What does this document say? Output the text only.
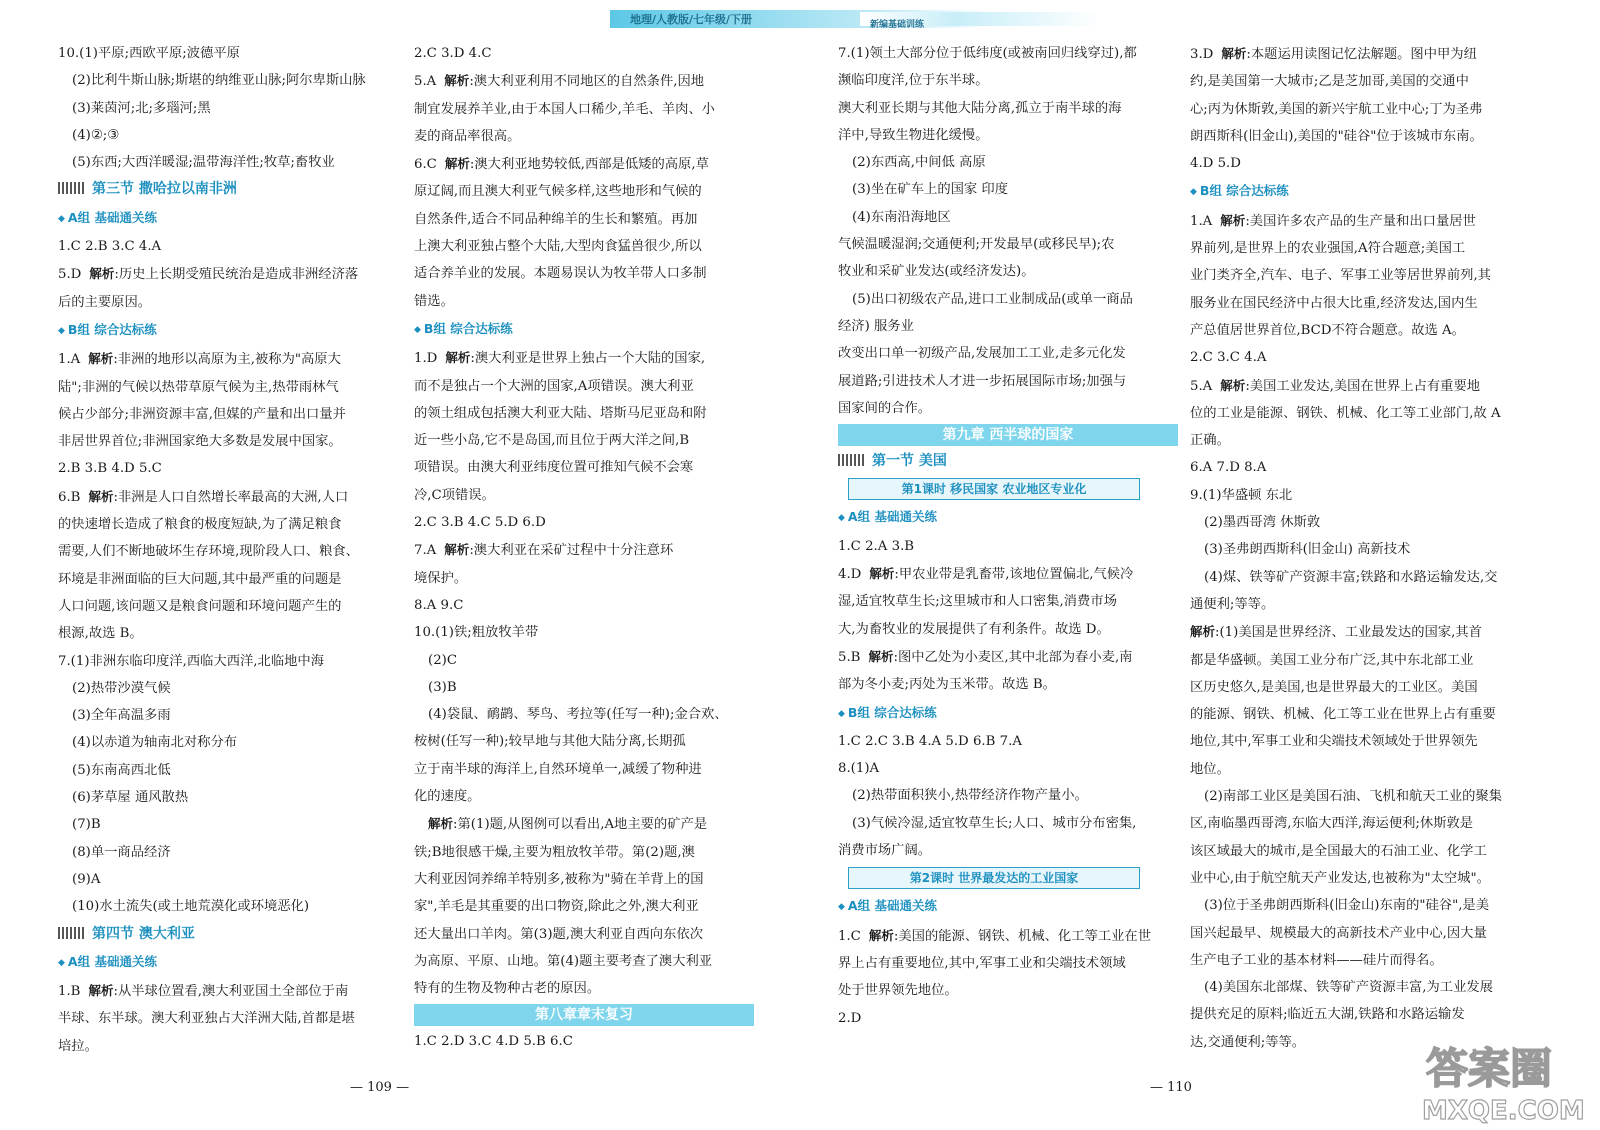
地理/人教版/七年级/下册	新编基础训练
10.(1)平原;西欧平原;波德平原
(2)比利牛斯山脉;斯堪的纳维亚山脉;阿尔卑斯山脉
(3)莱茵河;北;多瑙河;黑
(4)②;③
(5)东西;大西洋暖湿;温带海洋性;牧草;畜牧业
第三节 撒哈拉以南非洲
◆ A组 基础通关练
1.C 2.B 3.C 4.A
5.D 解析:历史上长期受殖民统治是造成非洲经济落
后的主要原因。
◆ B组 综合达标练
1.A 解析:非洲的地形以高原为主,被称为"高原大
陆";非洲的气候以热带草原气候为主,热带雨林气
候占少部分;非洲资源丰富,但媒的产量和出口量并
非居世界首位;非洲国家绝大多数是发展中国家。
2.B 3.B 4.D 5.C
6.B 解析:非洲是人口自然增长率最高的大洲,人口
的快速增长造成了粮食的极度短缺,为了满足粮食
需要,人们不断地破坏生存环境,现阶段人口、粮食、
环境是非洲面临的巨大问题,其中最严重的问题是
人口问题,该问题又是粮食问题和环境问题产生的
根源,故选 B。
7.(1)非洲东临印度洋,西临大西洋,北临地中海
(2)热带沙漠气候
(3)全年高温多雨
(4)以赤道为轴南北对称分布
(5)东南高西北低
(6)茅草屋 通风散热
(7)B
(8)单一商品经济
(9)A
(10)水土流失(或土地荒漠化或环境恶化)
第四节 澳大利亚
◆ A组 基础通关练
1.B 解析:从半球位置看,澳大利亚国土全部位于南
半球、东半球。澳大利亚独占大洋洲大陆,首都是堪
培拉。
2.C 3.D 4.C
5.A 解析:澳大利亚利用不同地区的自然条件,因地
制宜发展养羊业,由于本国人口稀少,羊毛、羊肉、小
麦的商品率很高。
6.C 解析:澳大利亚地势较低,西部是低矮的高原,草
原辽阔,而且澳大利亚气候多样,这些地形和气候的
自然条件,适合不同品种绵羊的生长和繁殖。再加
上澳大利亚独占整个大陆,大型肉食猛兽很少,所以
适合养羊业的发展。本题易误认为牧羊带人口多制
错选。
◆ B组 综合达标练
1.D 解析:澳大利亚是世界上独占一个大陆的国家,
而不是独占一个大洲的国家,A项错误。澳大利亚
的领土组成包括澳大利亚大陆、塔斯马尼亚岛和附
近一些小岛,它不是岛国,而且位于两大洋之间,B
项错误。由澳大利亚纬度位置可推知气候不会寒
冷,C项错误。
2.C 3.B 4.C 5.D 6.D
7.A 解析:澳大利亚在采矿过程中十分注意环
境保护。
8.A 9.C
10.(1)铁;粗放牧羊带
(2)C
(3)B
(4)袋鼠、鸸鹋、琴鸟、考拉等(任写一种);金合欢、
桉树(任写一种);较早地与其他大陆分离,长期孤
立于南半球的海洋上,自然环境单一,减缓了物种进
化的速度。
解析:第(1)题,从图例可以看出,A地主要的矿产是
铁;B地很感干燥,主要为粗放牧羊带。第(2)题,澳
大利亚因饲养绵羊特别多,被称为"骑在羊背上的国
家",羊毛是其重要的出口物资,除此之外,澳大利亚
还大量出口羊肉。第(3)题,澳大利亚自西向东依次
为高原、平原、山地。第(4)题主要考查了澳大利亚
特有的生物及物种古老的原因。
第八章章末复习
1.C 2.D 3.C 4.D 5.B 6.C
7.(1)领土大部分位于低纬度(或被南回归线穿过),都
濒临印度洋,位于东半球。
澳大利亚长期与其他大陆分离,孤立于南半球的海
洋中,导致生物进化缓慢。
(2)东西高,中间低 高原
(3)坐在矿车上的国家 印度
(4)东南沿海地区
气候温暖湿润;交通便利;开发最早(或移民早);农
牧业和采矿业发达(或经济发达)。
(5)出口初级农产品,进口工业制成品(或单一商品
经济) 服务业
改变出口单一初级产品,发展加工工业,走多元化发
展道路;引进技术人才进一步拓展国际市场;加强与
国家间的合作。
第九章 西半球的国家
第一节 美国
第1课时 移民国家 农业地区专业化
◆ A组 基础通关练
1.C 2.A 3.B
4.D 解析:甲农业带是乳畜带,该地位置偏北,气候冷
湿,适宜牧草生长;这里城市和人口密集,消费市场
大,为畜牧业的发展提供了有利条件。故选 D。
5.B 解析:图中乙处为小麦区,其中北部为春小麦,南
部为冬小麦;丙处为玉米带。故选 B。
◆ B组 综合达标练
1.C 2.C 3.B 4.A 5.D 6.B 7.A
8.(1)A
(2)热带面积狭小,热带经济作物产量小。
(3)气候冷湿,适宜牧草生长;人口、城市分布密集,
消费市场广阔。
第2课时 世界最发达的工业国家
◆ A组 基础通关练
1.C 解析:美国的能源、钢铁、机械、化工等工业在世
界上占有重要地位,其中,军事工业和尖端技术领域
处于世界领先地位。
2.D
3.D 解析:本题运用读图记忆法解题。图中甲为纽
约,是美国第一大城市;乙是芝加哥,美国的交通中
心;丙为休斯敦,美国的新兴宇航工业中心;丁为圣弗
朗西斯科(旧金山),美国的"硅谷"位于该城市东南。
4.D 5.D
◆ B组 综合达标练
1.A 解析:美国许多农产品的生产量和出口量居世
界前列,是世界上的农业强国,A符合题意;美国工
业门类齐全,汽车、电子、军事工业等居世界前列,其
服务业在国民经济中占很大比重,经济发达,国内生
产总值居世界首位,BCD不符合题意。故选 A。
2.C 3.C 4.A
5.A 解析:美国工业发达,美国在世界上占有重要地
位的工业是能源、钢铁、机械、化工等工业部门,故 A
正确。
6.A 7.D 8.A
9.(1)华盛顿 东北
(2)墨西哥湾 休斯敦
(3)圣弗朗西斯科(旧金山) 高新技术
(4)煤、铁等矿产资源丰富;铁路和水路运输发达,交
通便利;等等。
解析:(1)美国是世界经济、工业最发达的国家,其首
都是华盛顿。美国工业分布广泛,其中东北部工业
区历史悠久,是美国,也是世界最大的工业区。美国
的能源、钢铁、机械、化工等工业在世界上占有重要
地位,其中,军事工业和尖端技术领域处于世界领先
地位。
(2)南部工业区是美国石油、飞机和航天工业的聚集
区,南临墨西哥湾,东临大西洋,海运便利;休斯敦是
该区域最大的城市,是全国最大的石油工业、化学工
业中心,由于航空航天产业发达,也被称为"太空城"。
(3)位于圣弗朗西斯科(旧金山)东南的"硅谷",是美
国兴起最早、规模最大的高新技术产业中心,因大量
生产电子工业的基本材料——硅片而得名。
(4)美国东北部煤、铁等矿产资源丰富,为工业发展
提供充足的原料;临近五大湖,铁路和水路运输发
达,交通便利;等等。
— 109 —	— 110	答案圈
MXQE.COM
